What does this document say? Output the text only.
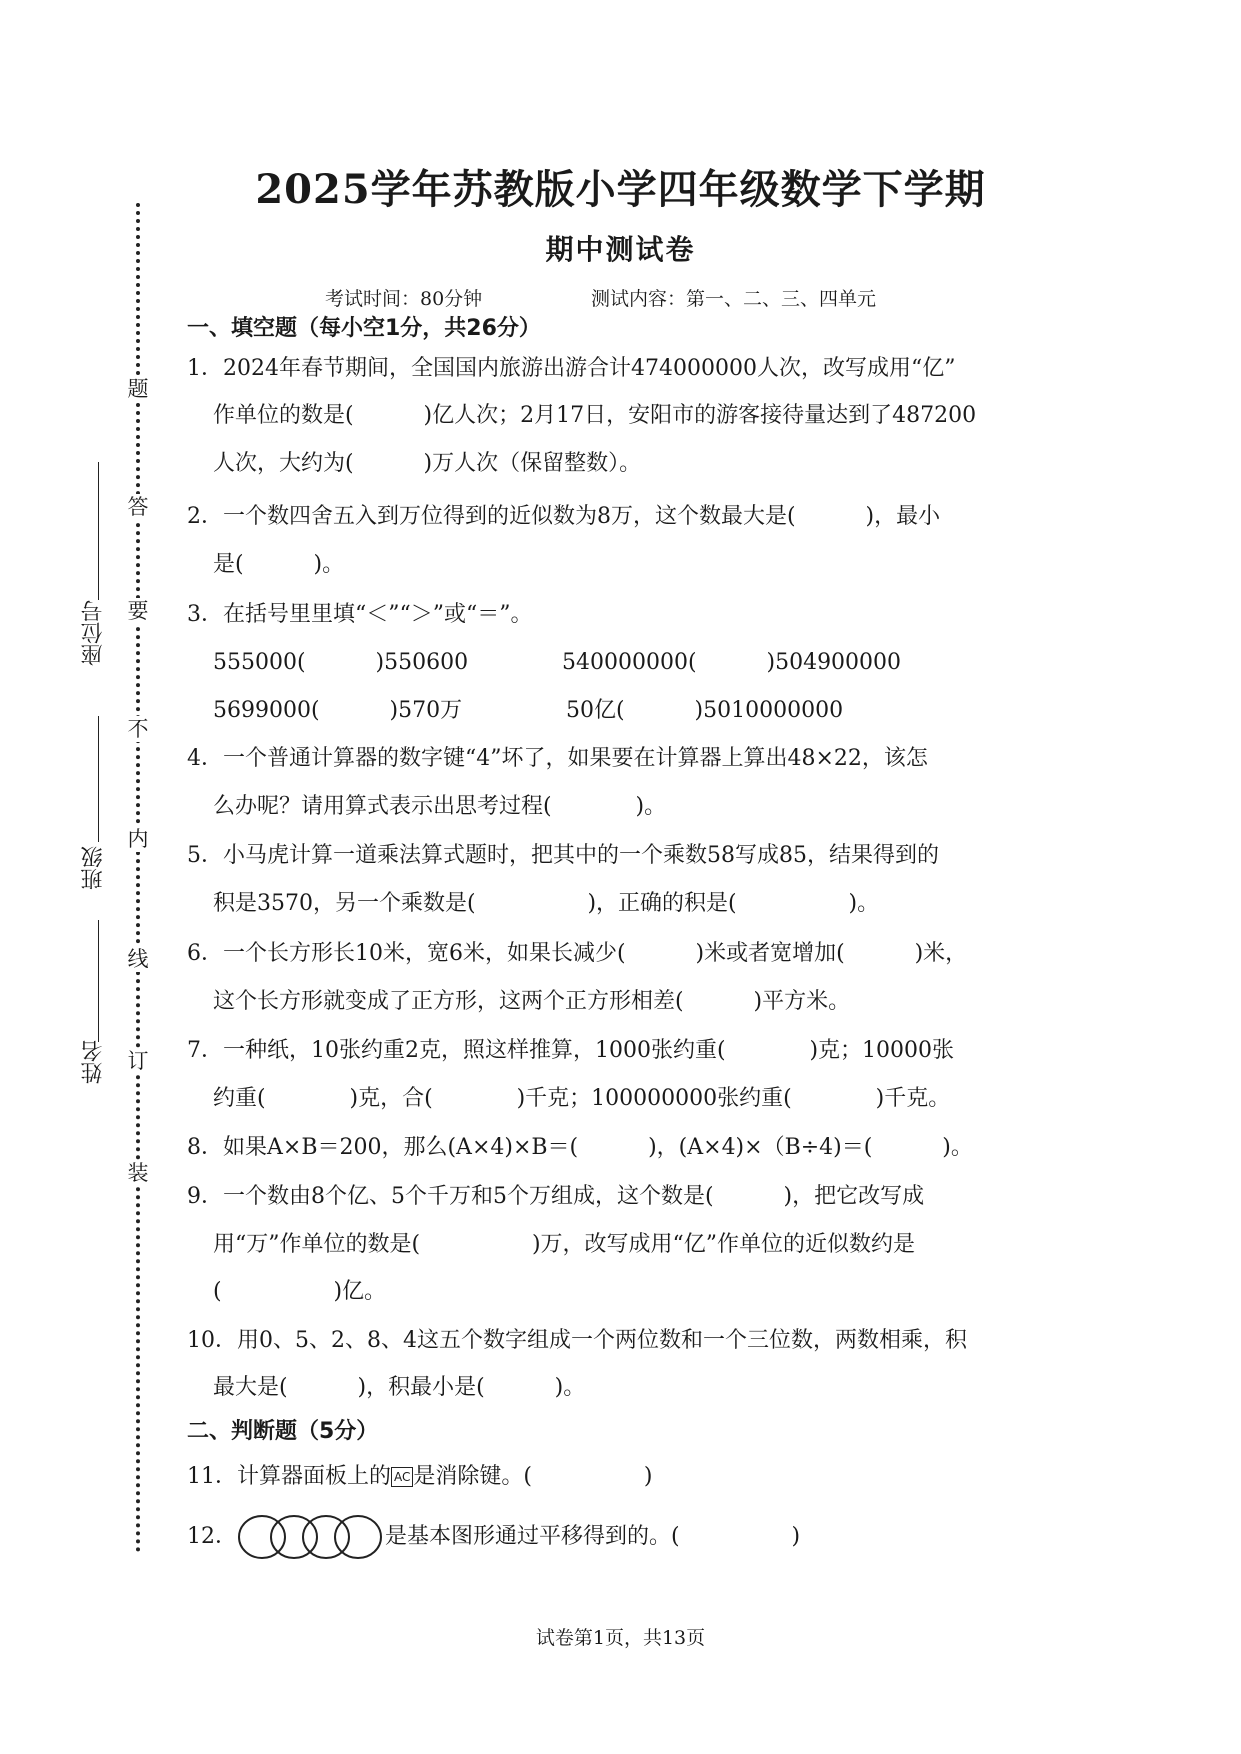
题
答
要
不
内
线
订
装
座位号
班级
姓名
2025学年苏教版小学四年级数学下学期
期中测试卷
考试时间：80分钟	测试内容：第一、二、三、四单元
一、填空题（每小空1分，共26分）
1．2024年春节期间，全国国内旅游出游合计474000000人次，改写成用“亿”
作单位的数是(          )亿人次；2月17日，安阳市的游客接待量达到了487200
人次，大约为(          )万人次（保留整数）。
2．一个数四舍五入到万位得到的近似数为8万，这个数最大是(          )，最小
是(          )。
3．在括号里里填“＜”“＞”或“＝”。
555000(          )550600	540000000(          )504900000
5699000(          )570万	50亿(          )5010000000
4．一个普通计算器的数字键“4”坏了，如果要在计算器上算出48×22，该怎
么办呢？请用算式表示出思考过程(            )。
5．小马虎计算一道乘法算式题时，把其中的一个乘数58写成85，结果得到的
积是3570，另一个乘数是(                )，正确的积是(                )。
6．一个长方形长10米，宽6米，如果长减少(          )米或者宽增加(          )米，
这个长方形就变成了正方形，这两个正方形相差(          )平方米。
7．一种纸，10张约重2克，照这样推算，1000张约重(            )克；10000张
约重(            )克，合(            )千克；100000000张约重(            )千克。
8．如果A×B＝200，那么(A×4)×B＝(          )，(A×4)×（B÷4)＝(          )。
9．一个数由8个亿、5个千万和5个万组成，这个数是(          )，把它改写成
用“万”作单位的数是(                )万，改写成用“亿”作单位的近似数约是
(                )亿。
10．用0、5、2、8、4这五个数字组成一个两位数和一个三位数，两数相乘，积
最大是(          )，积最小是(          )。
二、判断题（5分）
11．计算器面板上的 AC 是消除键。(                )
12．	是基本图形通过平移得到的。(                )
试卷第1页，共13页
